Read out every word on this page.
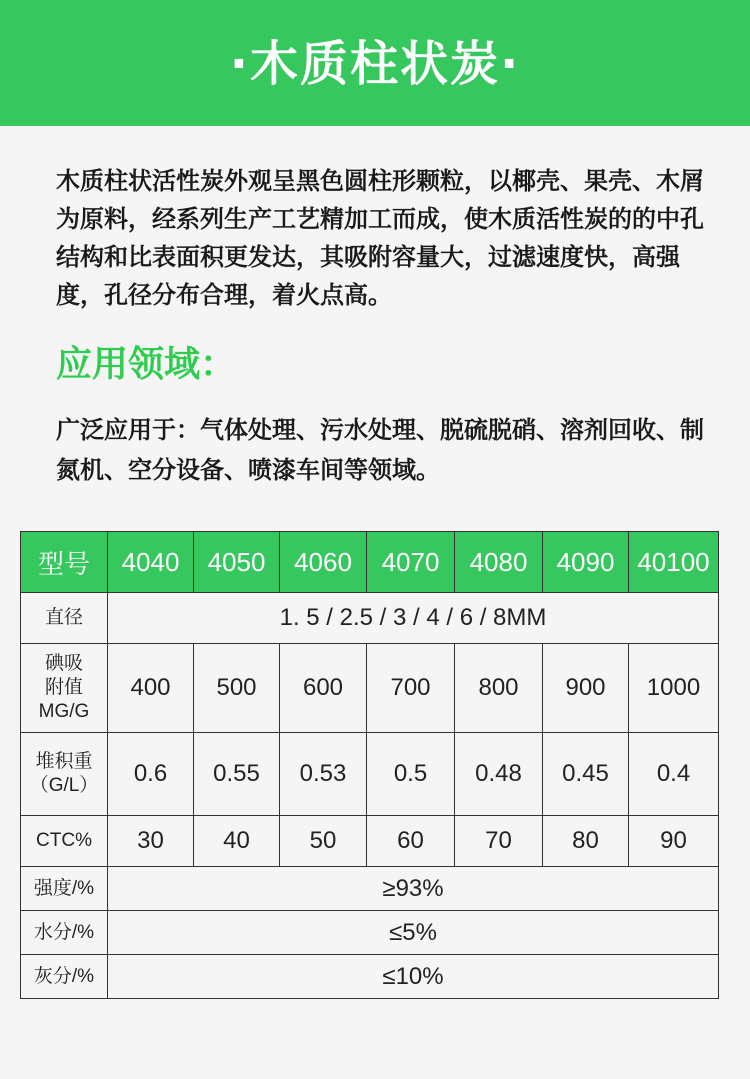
·木质柱状炭·

木质柱状活性炭外观呈黑色圆柱形颗粒，以椰壳、果壳、木屑为原料，经系列生产工艺精加工而成，使木质活性炭的的中孔结构和比表面积更发达，其吸附容量大，过滤速度快，高强度，孔径分布合理，着火点高。

应用领域：

广泛应用于：气体处理、污水处理、脱硫脱硝、溶剂回收、制氮机、空分设备、喷漆车间等领域。

型号	4040	4050	4060	4070	4080	4090	40100
直径	1. 5 / 2.5 / 3 / 4 / 6 / 8MM						

碘吸
附值
MG/G	400	500	600	700	800	900	1000

堆积重
（G/L）	0.6	0.55	0.53	0.5	0.48	0.45	0.4
CTC%	30	40	50	60	70	80	90
强度/%	≥93%						
水分/%	≤5%						
灰分/%	≤10%						
